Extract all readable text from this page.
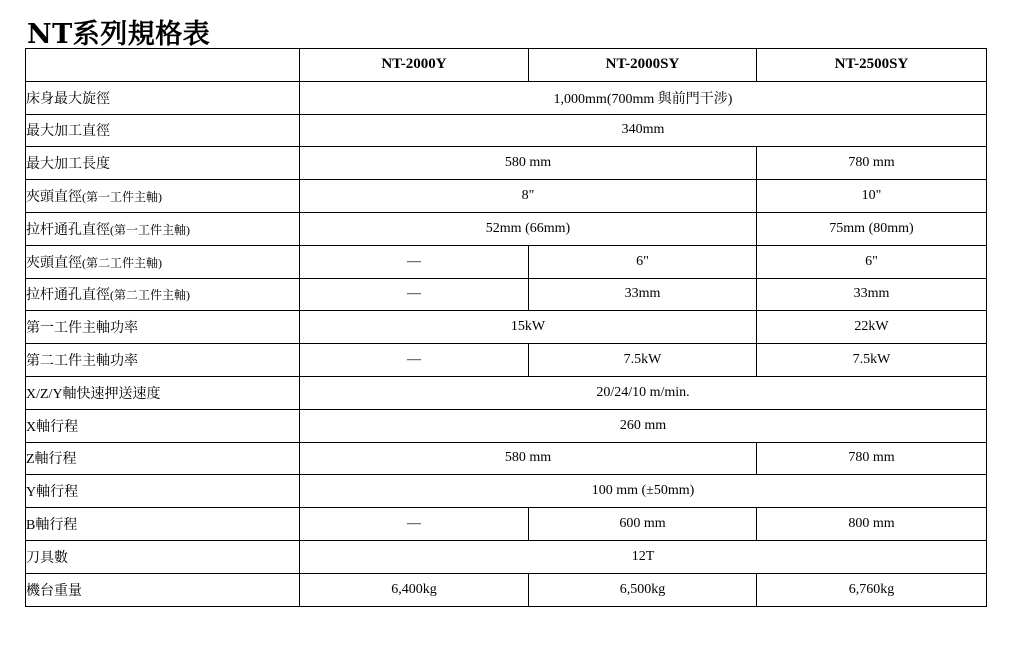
NT系列規格表
	NT-2000Y	NT-2000SY	NT-2500SY
床身最大旋徑	1,000mm(700mm 與前門干涉)		
最大加工直徑	340mm		
最大加工長度	580 mm		780 mm
夾頭直徑(第一工件主軸)	8"		10"
拉杆通孔直徑(第一工件主軸)	52mm (66mm)		75mm (80mm)
夾頭直徑(第二工件主軸)	—	6"	6"
拉杆通孔直徑(第二工件主軸)	—	33mm	33mm
第一工件主軸功率	15kW		22kW
第二工件主軸功率	—	7.5kW	7.5kW
X/Z/Y軸快速押送速度	20/24/10 m/min.		
X軸行程	260 mm		
Z軸行程	580 mm		780 mm
Y軸行程	100 mm (±50mm)		
B軸行程	—	600 mm	800 mm
刀具數	12T		
機台重量	6,400kg	6,500kg	6,760kg
